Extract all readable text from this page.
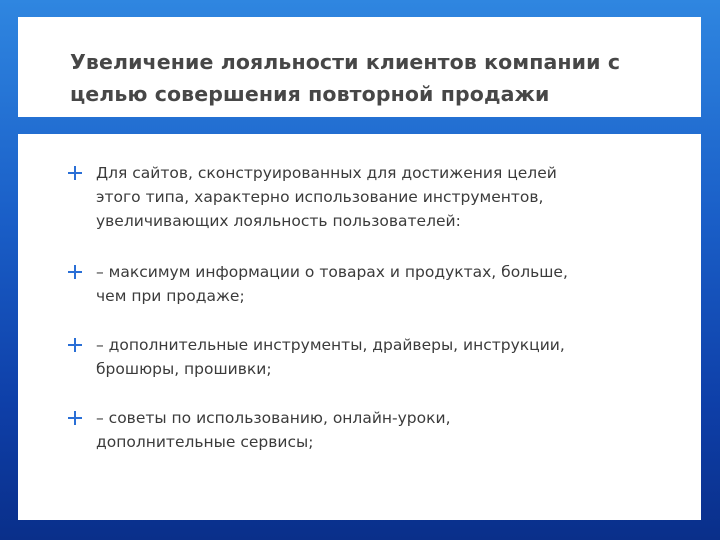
Увеличение лояльности клиентов компании с
целью совершения повторной продажи
Для сайтов, сконструированных для достижения целей
этого типа, характерно использование инструментов,
увеличивающих лояльность пользователей:
– максимум информации о товарах и продуктах, больше,
чем при продаже;
– дополнительные инструменты, драйверы, инструкции,
брошюры, прошивки;
– советы по использованию, онлайн-уроки,
дополнительные сервисы;
